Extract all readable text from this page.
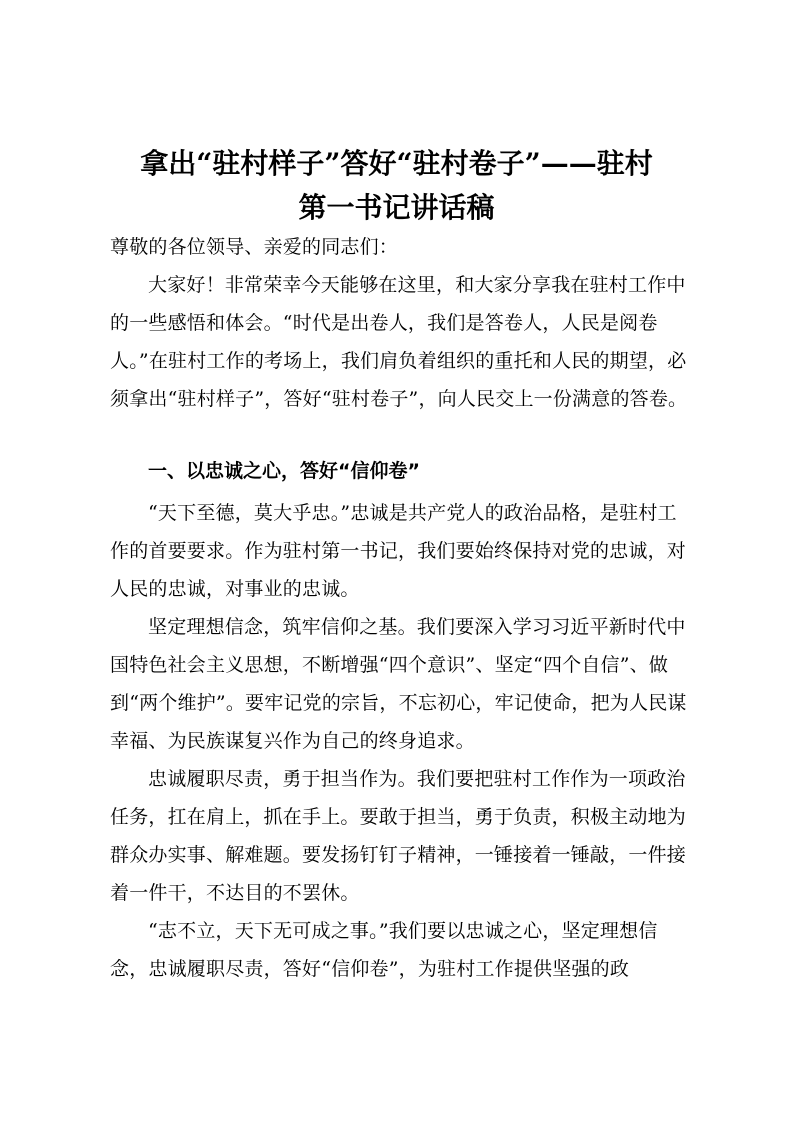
拿出“驻村样子”答好“驻村卷子”——驻村
第一书记讲话稿

尊敬的各位领导、亲爱的同志们：

大家好！非常荣幸今天能够在这里，和大家分享我在驻村工作中的一些感悟和体会。“时代是出卷人，我们是答卷人，人民是阅卷人。”在驻村工作的考场上，我们肩负着组织的重托和人民的期望，必须拿出“驻村样子”，答好“驻村卷子”，向人民交上一份满意的答卷。

一、以忠诚之心，答好“信仰卷”

“天下至德，莫大乎忠。”忠诚是共产党人的政治品格，是驻村工作的首要要求。作为驻村第一书记，我们要始终保持对党的忠诚，对人民的忠诚，对事业的忠诚。

坚定理想信念，筑牢信仰之基。我们要深入学习习近平新时代中国特色社会主义思想，不断增强“四个意识”、坚定“四个自信”、做到“两个维护”。要牢记党的宗旨，不忘初心，牢记使命，把为人民谋幸福、为民族谋复兴作为自己的终身追求。

忠诚履职尽责，勇于担当作为。我们要把驻村工作作为一项政治任务，扛在肩上，抓在手上。要敢于担当，勇于负责，积极主动地为群众办实事、解难题。要发扬钉钉子精神，一锤接着一锤敲，一件接着一件干，不达目的不罢休。

“志不立，天下无可成之事。”我们要以忠诚之心，坚定理想信念，忠诚履职尽责，答好“信仰卷”，为驻村工作提供坚强的政
